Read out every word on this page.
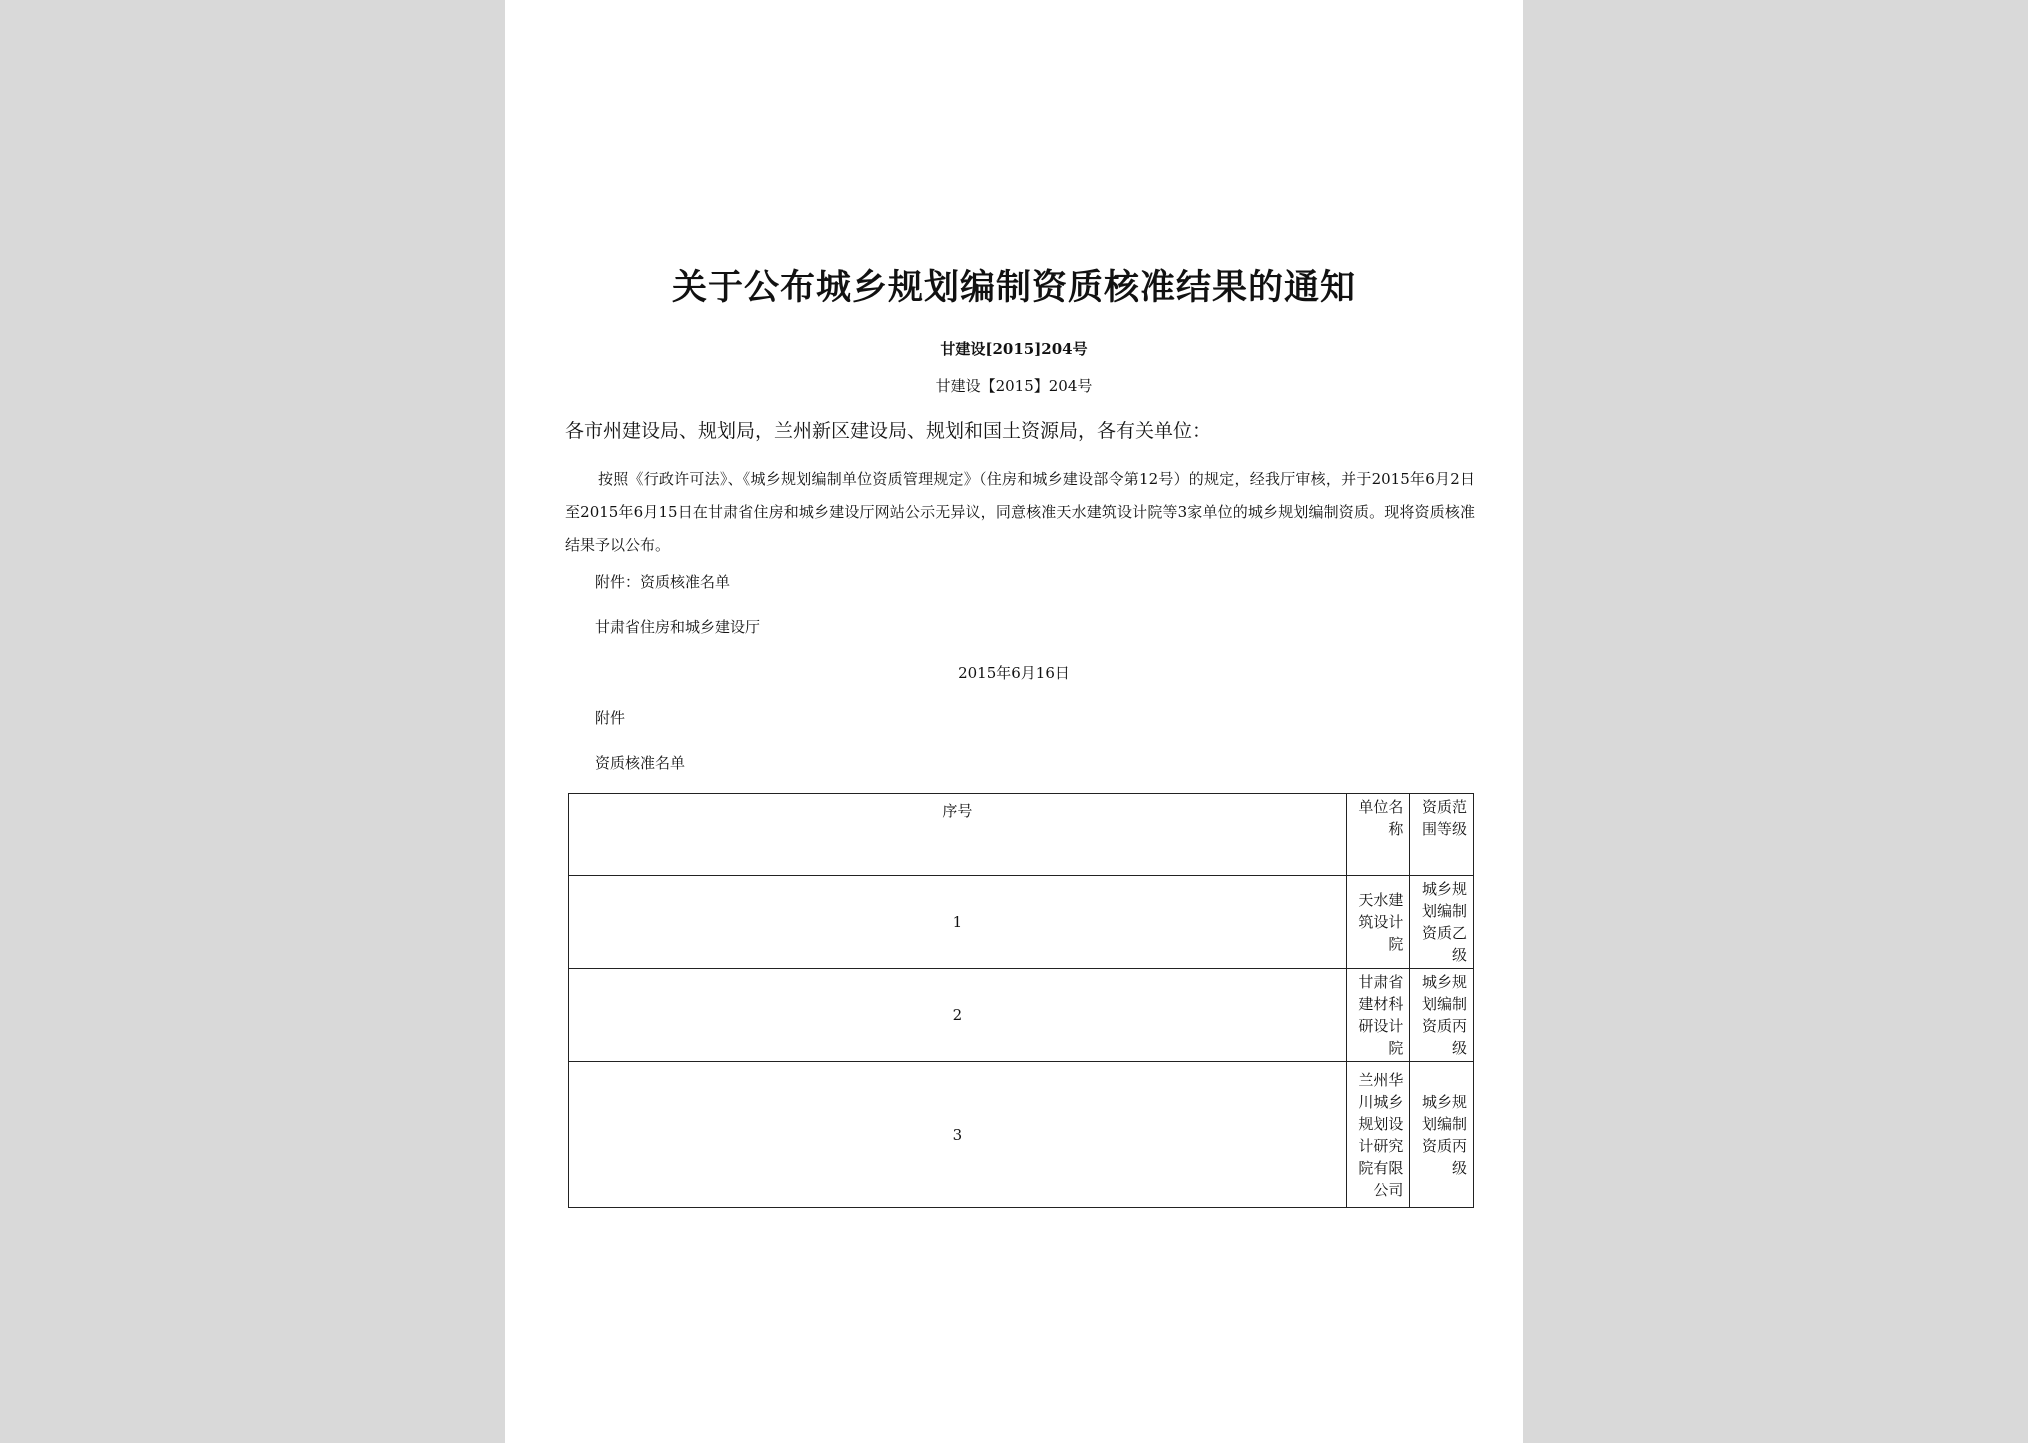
关于公布城乡规划编制资质核准结果的通知
甘建设[2015]204号
甘建设【2015】204号
各市州建设局、规划局，兰州新区建设局、规划和国土资源局，各有关单位：
按照《行政许可法》、《城乡规划编制单位资质管理规定》（住房和城乡建设部令第12号）的规定，经我厅审核，并于2015年6月2日至2015年6月15日在甘肃省住房和城乡建设厅网站公示无异议，同意核准天水建筑设计院等3家单位的城乡规划编制资质。现将资质核准结果予以公布。
附件：资质核准名单
甘肃省住房和城乡建设厅
2015年6月16日
附件
资质核准名单
序号	单位名称	资质范围等级
1	天水建筑设计院	城乡规划编制资质乙级
2	甘肃省建材科研设计院	城乡规划编制资质丙级
3	兰州华川城乡规划设计研究院有限公司	城乡规划编制资质丙级
